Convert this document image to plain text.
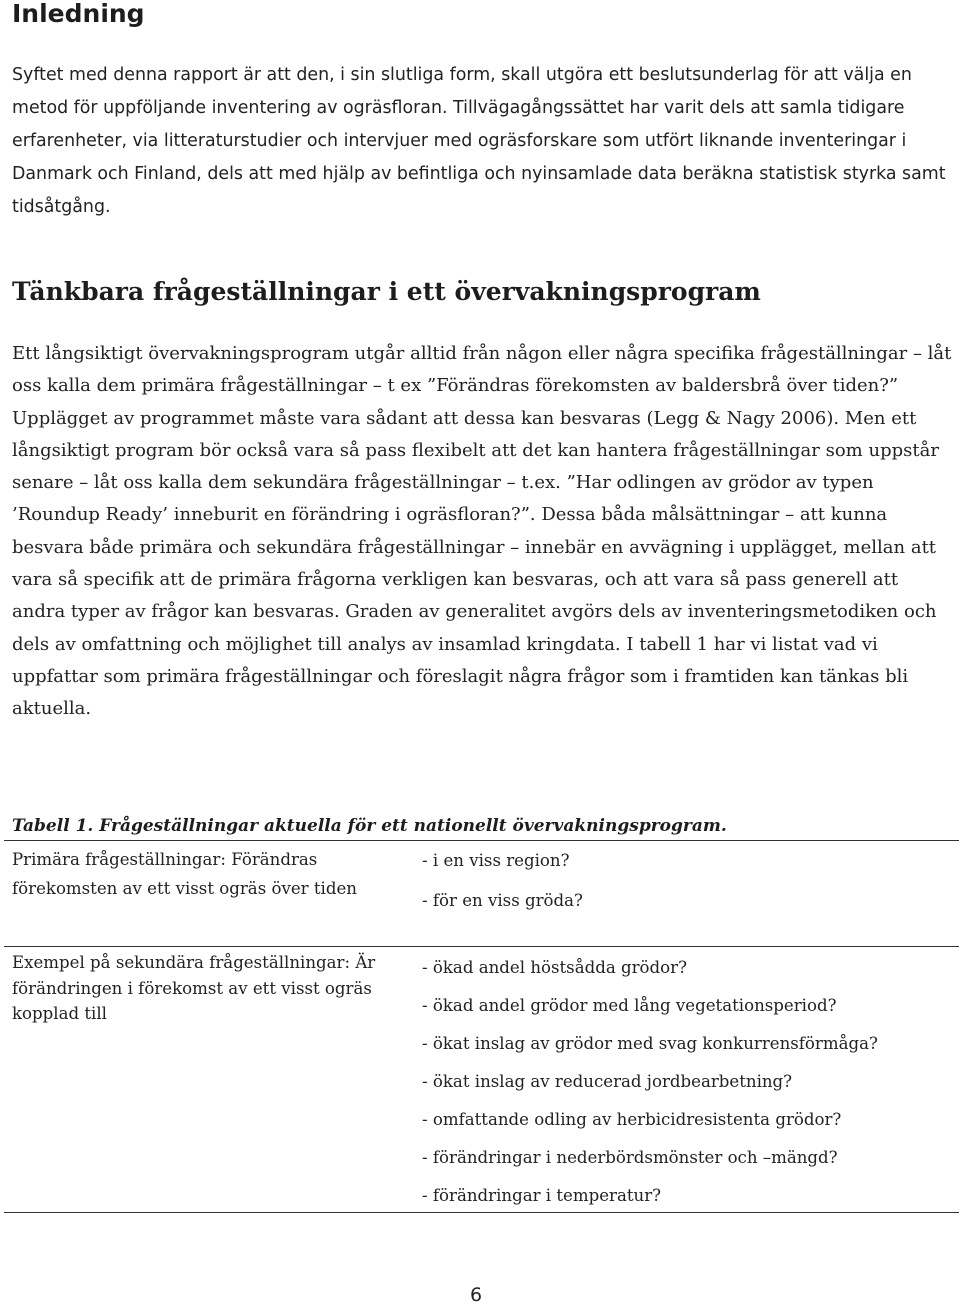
Inledning

Syftet med denna rapport är att den, i sin slutliga form, skall utgöra ett beslutsunderlag för att välja en metod för uppföljande inventering av ogräsfloran. Tillvägagångssättet har varit dels att samla tidigare erfarenheter, via litteraturstudier och intervjuer med ogräsforskare som utfört liknande inventeringar i Danmark och Finland, dels att med hjälp av befintliga och nyinsamlade data beräkna statistisk styrka samt tidsåtgång.

Tänkbara frågeställningar i ett övervakningsprogram

Ett långsiktigt övervakningsprogram utgår alltid från någon eller några specifika frågeställningar – låt oss kalla dem primära frågeställningar – t ex ”Förändras förekomsten av baldersbrå över tiden?” Upplägget av programmet måste vara sådant att dessa kan besvaras (Legg & Nagy 2006). Men ett långsiktigt program bör också vara så pass flexibelt att det kan hantera frågeställningar som uppstår senare – låt oss kalla dem sekundära frågeställningar – t.ex. ”Har odlingen av grödor av typen ’Roundup Ready’ inneburit en förändring i ogräsfloran?”. Dessa båda målsättningar – att kunna besvara både primära och sekundära frågeställningar – innebär en avvägning i upplägget, mellan att vara så specifik att de primära frågorna verkligen kan besvaras, och att vara så pass generell att andra typer av frågor kan besvaras. Graden av generalitet avgörs dels av inventeringsmetodiken och dels av omfattning och möjlighet till analys av insamlad kringdata. I tabell 1 har vi listat vad vi uppfattar som primära frågeställningar och föreslagit några frågor som i framtiden kan tänkas bli aktuella.

Tabell 1. Frågeställningar aktuella för ett nationellt övervakningsprogram.

Primära frågeställningar: Förändras förekomsten av ett visst ogräs över tiden
- i en viss region?
- för en viss gröda?
Exempel på sekundära frågeställningar: Är förändringen i förekomst av ett visst ogräs kopplad till
- ökad andel höstsådda grödor?
- ökad andel grödor med lång vegetationsperiod?
- ökat inslag av grödor med svag konkurrensförmåga?
- ökat inslag av reducerad jordbearbetning?
- omfattande odling av herbicidresistenta grödor?
- förändringar i nederbördsmönster och –mängd?
- förändringar i temperatur?

6
